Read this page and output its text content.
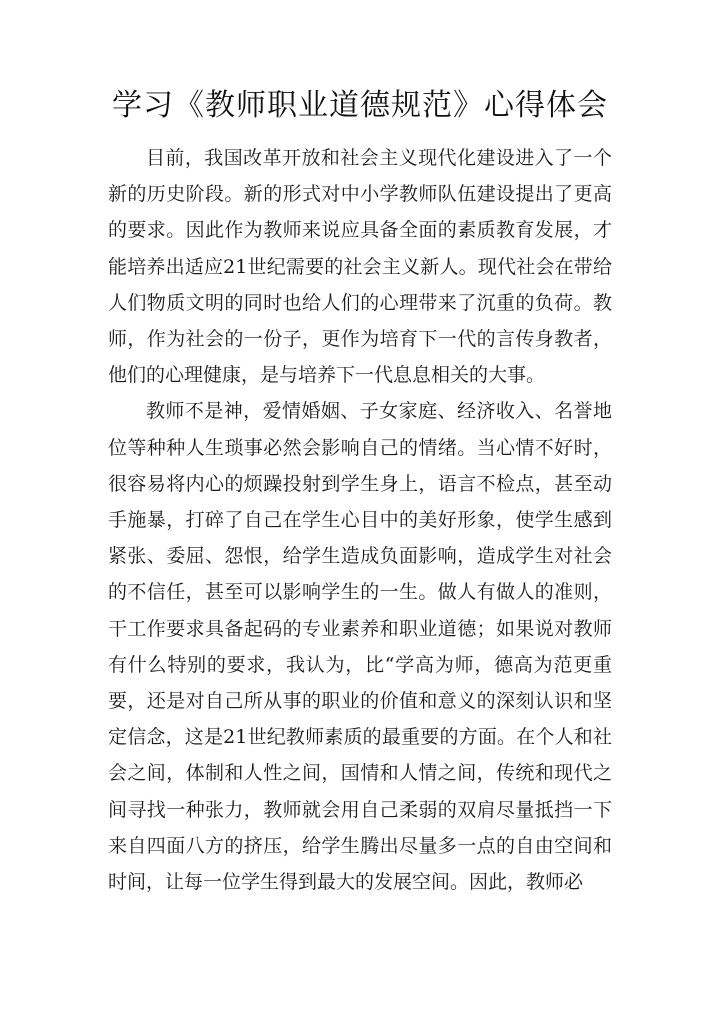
学习《教师职业道德规范》心得体会

目前，我国改革开放和社会主义现代化建设进入了一个新的历史阶段。新的形式对中小学教师队伍建设提出了更高的要求。因此作为教师来说应具备全面的素质教育发展，才能培养出适应21世纪需要的社会主义新人。现代社会在带给人们物质文明的同时也给人们的心理带来了沉重的负荷。教师，作为社会的一份子，更作为培育下一代的言传身教者，他们的心理健康，是与培养下一代息息相关的大事。

教师不是神，爱情婚姻、子女家庭、经济收入、名誉地位等种种人生琐事必然会影响自己的情绪。当心情不好时，很容易将内心的烦躁投射到学生身上，语言不检点，甚至动手施暴，打碎了自己在学生心目中的美好形象，使学生感到紧张、委屈、怨恨，给学生造成负面影响，造成学生对社会的不信任，甚至可以影响学生的一生。做人有做人的准则，干工作要求具备起码的专业素养和职业道德；如果说对教师有什么特别的要求，我认为，比“学高为师，德高为范更重要，还是对自己所从事的职业的价值和意义的深刻认识和坚定信念，这是21世纪教师素质的最重要的方面。在个人和社会之间，体制和人性之间，国情和人情之间，传统和现代之间寻找一种张力，教师就会用自己柔弱的双肩尽量抵挡一下来自四面八方的挤压，给学生腾出尽量多一点的自由空间和时间，让每一位学生得到最大的发展空间。因此，教师必
